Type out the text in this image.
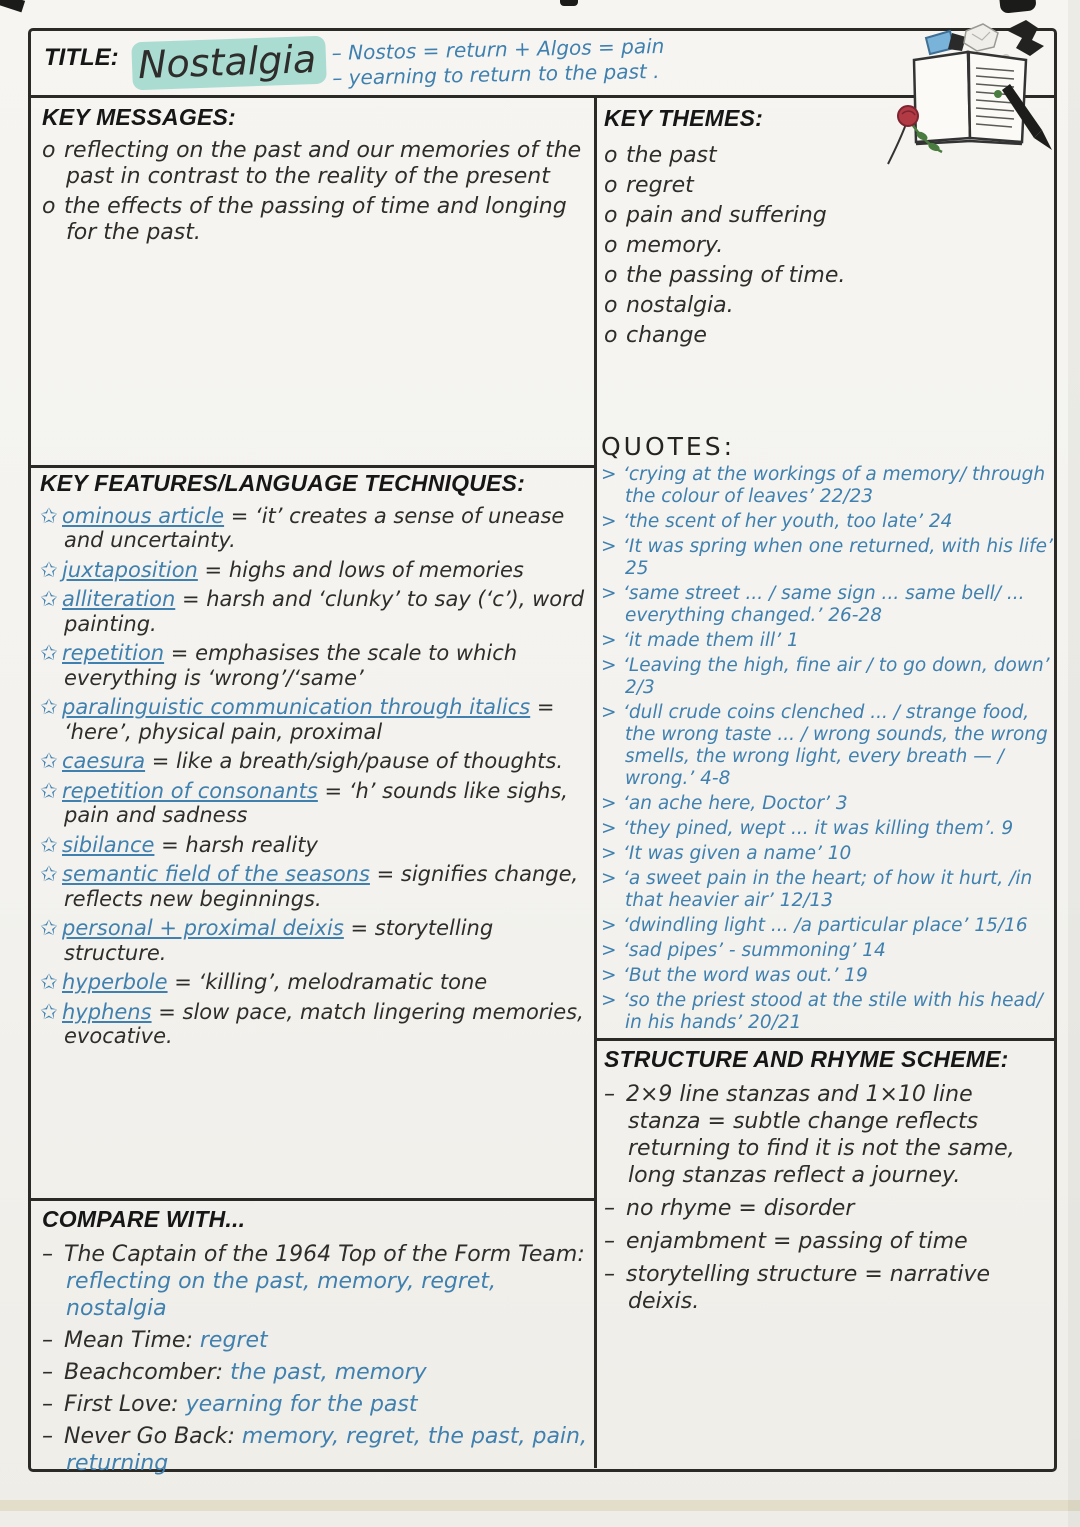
TITLE: Nostalgia – Nostos = return + Algos = pain
– yearning to return to the past .

KEY MESSAGES:

o reflecting on the past and our memories of the past in contrast to the reality of the present
o the effects of the passing of time and longing for the past.

KEY THEMES:

o the past
o regret
o pain and suffering
o memory.
o the passing of time.
o nostalgia.
o change

QUOTES:

> ‘crying at the workings of a memory/ through the colour of leaves’ 22/23
> ‘the scent of her youth, too late’ 24
> ‘It was spring when one returned, with his life’ 25
> ‘same street ... / same sign ... same bell/ ... everything changed.’ 26-28
> ‘it made them ill’ 1
> ‘Leaving the high, fine air / to go down, down’ 2/3
> ‘dull crude coins clenched ... / strange food, the wrong taste ... / wrong sounds, the wrong smells, the wrong light, every breath — / wrong.’ 4-8
> ‘an ache here, Doctor’ 3
> ‘they pined, wept ... it was killing them’. 9
> ‘It was given a name’ 10
> ‘a sweet pain in the heart; of how it hurt, /in that heavier air’ 12/13
> ‘dwindling light ... /a particular place’ 15/16
> ‘sad pipes’ - summoning’ 14
> ‘But the word was out.’ 19
> ‘so the priest stood at the stile with his head/ in his hands’ 20/21

KEY FEATURES/LANGUAGE TECHNIQUES:

✩ ominous article = ‘it’ creates a sense of unease and uncertainty.
✩ juxtaposition = highs and lows of memories
✩ alliteration = harsh and ‘clunky’ to say (‘c’), word painting.
✩ repetition = emphasises the scale to which everything is ‘wrong’/‘same’
✩ paralinguistic communication through italics = ‘here’, physical pain, proximal
✩ caesura = like a breath/sigh/pause of thoughts.
✩ repetition of consonants = ‘h’ sounds like sighs, pain and sadness
✩ sibilance = harsh reality
✩ semantic field of the seasons = signifies change, reflects new beginnings.
✩ personal + proximal deixis = storytelling structure.
✩ hyperbole = ‘killing’, melodramatic tone
✩ hyphens = slow pace, match lingering memories, evocative.

STRUCTURE AND RHYME SCHEME:

– 2×9 line stanzas and 1×10 line stanza = subtle change reflects returning to find it is not the same, long stanzas reflect a journey.
– no rhyme = disorder
– enjambment = passing of time
– storytelling structure = narrative deixis.

COMPARE WITH...

– The Captain of the 1964 Top of the Form Team: reflecting on the past, memory, regret, nostalgia
– Mean Time: regret
– Beachcomber: the past, memory
– First Love: yearning for the past
– Never Go Back: memory, regret, the past, pain, returning
